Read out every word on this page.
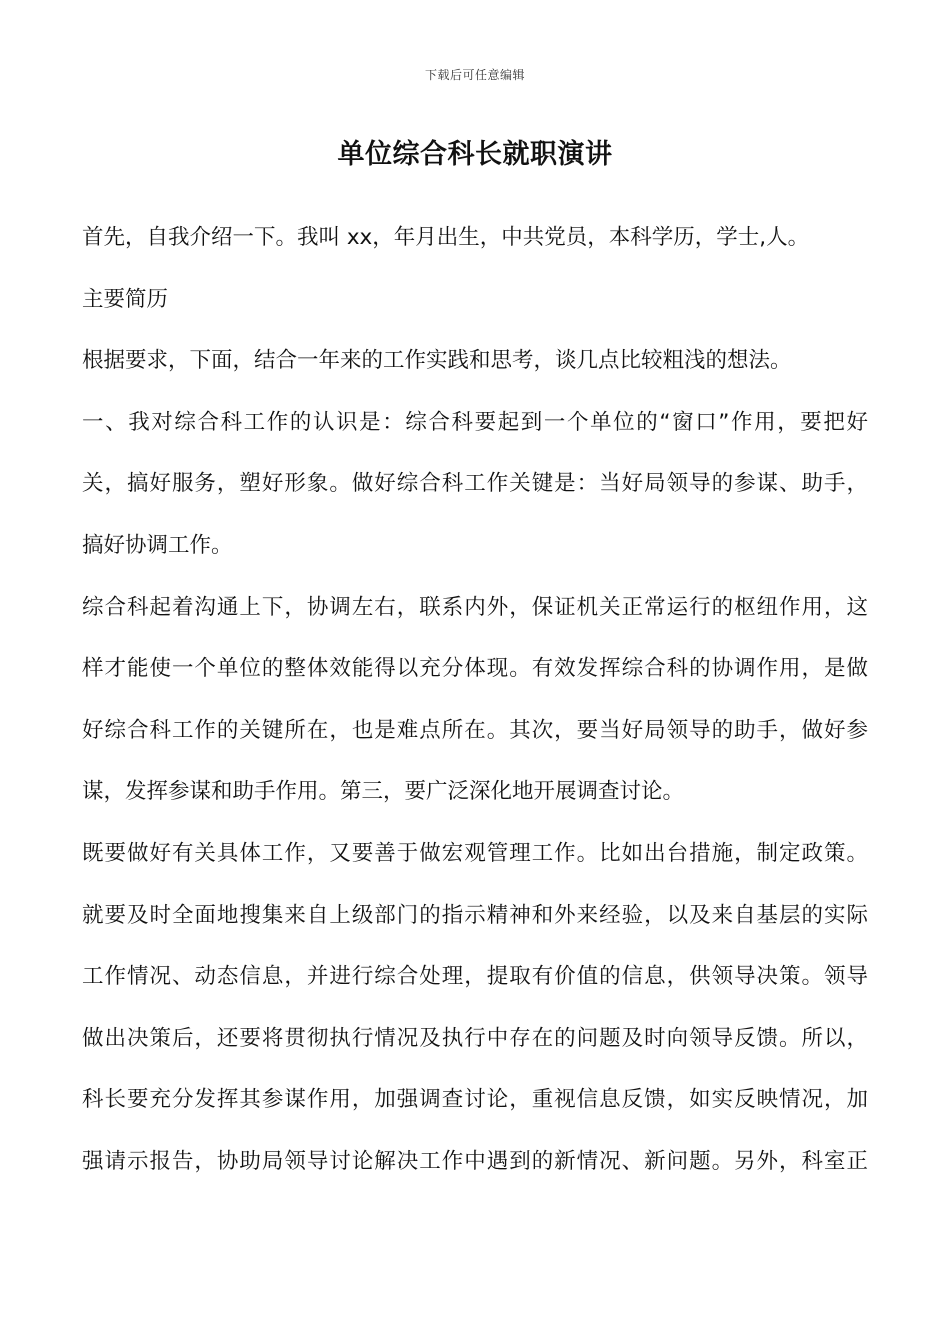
下载后可任意编辑
单位综合科长就职演讲
首先，自我介绍一下。我叫 xx，年月出生，中共党员，本科学历，学士,人。
主要简历
根据要求，下面，结合一年来的工作实践和思考，谈几点比较粗浅的想法。
一、我对综合科工作的认识是：综合科要起到一个单位的“窗口”作用，要把好
关，搞好服务，塑好形象。做好综合科工作关键是：当好局领导的参谋、助手，
搞好协调工作。
综合科起着沟通上下，协调左右，联系内外，保证机关正常运行的枢纽作用，这
样才能使一个单位的整体效能得以充分体现。有效发挥综合科的协调作用，是做
好综合科工作的关键所在，也是难点所在。其次，要当好局领导的助手，做好参
谋，发挥参谋和助手作用。第三，要广泛深化地开展调查讨论。
既要做好有关具体工作，又要善于做宏观管理工作。比如出台措施，制定政策。
就要及时全面地搜集来自上级部门的指示精神和外来经验，以及来自基层的实际
工作情况、动态信息，并进行综合处理，提取有价值的信息，供领导决策。领导
做出决策后，还要将贯彻执行情况及执行中存在的问题及时向领导反馈。所以，
科长要充分发挥其参谋作用，加强调查讨论，重视信息反馈，如实反映情况，加
强请示报告，协助局领导讨论解决工作中遇到的新情况、新问题。另外，科室正
